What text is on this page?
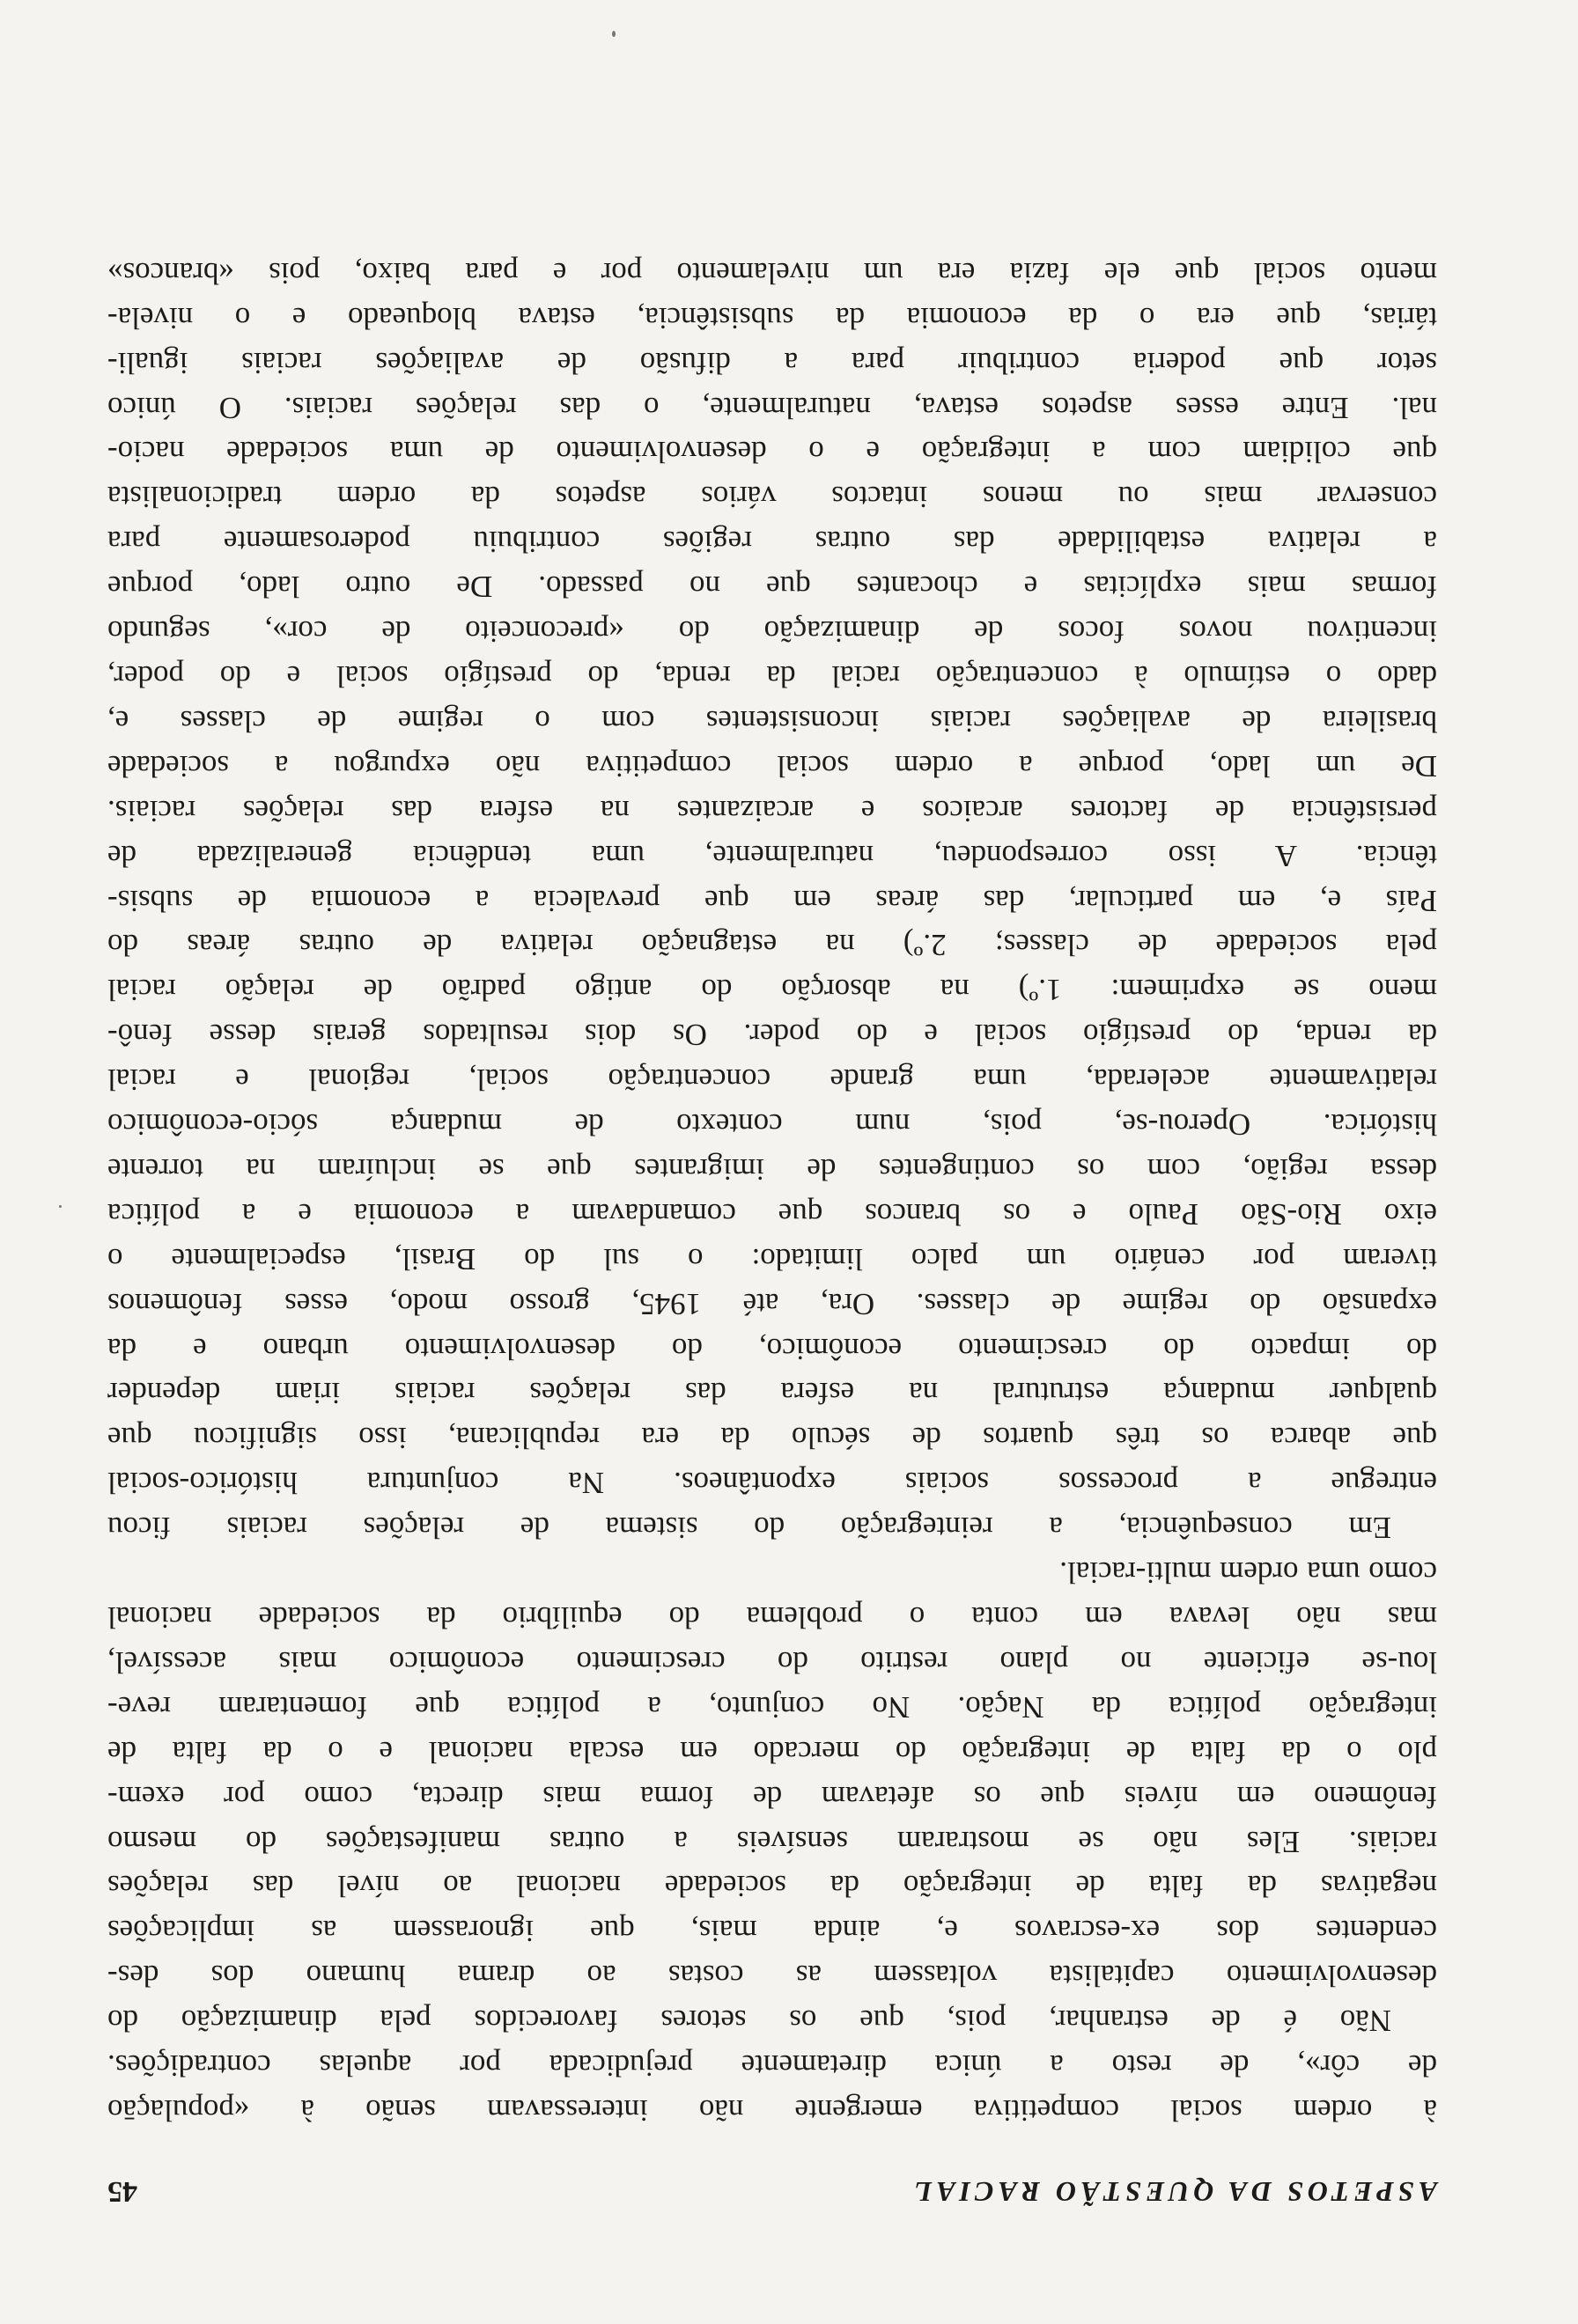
ASPETOS DA QUESTÃO RACIAL
45
à ordem social competitiva emergente não interessavam senão à «populaçāo
de côr», de resto a única diretamente prejudicada por aquelas contradições.
Não é de estranhar, pois, que os setores favorecidos pela dinamização do
desenvolvimento capitalista voltassem as costas ao drama humano dos des-
cendentes dos ex-escravos e, ainda mais, que ignorassem as implicações
negativas da falta de integração da sociedade nacional ao nível das relações
raciais. Eles não se mostraram sensíveis a outras manifestações do mesmo
fenômeno em níveis que os afetavam de forma mais directa, como por exem-
plo o da falta de integração do mercado em escala nacional e o da falta de
integração política da Nação. No conjunto, a política que fomentaram reve-
lou-se eficiente no plano restrito do crescimento econômico mais acessível,
mas não levava em conta o problema do equilíbrio da sociedade nacional
como uma ordem multi-racial.
Em consequência, a reintegração do sistema de relações raciais ficou
entregue a processos sociais expontâneos. Na conjuntura histórico-social
que abarca os três quartos de século da era republicana, isso significou que
qualquer mudança estrutural na esfera das relações raciais iriam depender
do impacto do crescimento econômico, do desenvolvimento urbano e da
expansão do regime de classes. Ora, até 1945, grosso modo, esses fenômenos
tiveram por cenário um palco limitado: o sul do Brasil, especialmente o
eixo Rio-São Paulo e os brancos que comandavam a economia e a política
dessa região, com os contingentes de imigrantes que se incluíram na torrente
histórica. Operou-se, pois, num contexto de mudança sócio-econômico
relativamente acelerada, uma grande concentração social, regional e racial
da renda, do prestígio social e do poder. Os dois resultados gerais desse fenô-
meno se exprimem: 1.º) na absorção do antigo padrão de relação racial
pela sociedade de classes; 2.º) na estagnação relativa de outras áreas do
País e, em particular, das áreas em que prevalecia a economia de subsis-
tência. A isso correspondeu, naturalmente, uma tendência generalizada de
persistência de factores arcaicos e arcaizantes na esfera das relações raciais.
De um lado, porque a ordem social competitiva não expurgou a sociedade
brasileira de avaliações raciais inconsistentes com o regime de classes e,
dado o estímulo à concentração racial da renda, do prestígio social e do poder,
incentivou novos focos de dinamização do «preconceito de cor», segundo
formas mais explícitas e chocantes que no passado. De outro lado, porque
a relativa estabilidade das outras regiões contribuiu poderosamente para
conservar mais ou menos intactos vários aspetos da ordem tradicionalista
que colidiam com a integração e o desenvolvimento de uma sociedade nacio-
nal. Entre esses aspetos estava, naturalmente, o das relações raciais. O único
setor que poderia contribuir para a difusão de avaliações raciais iguali-
tárias, que era o da economia da subsistência, estava bloqueado e o nivela-
mento social que ele fazia era um nivelamento por e para baixo, pois «brancos»
